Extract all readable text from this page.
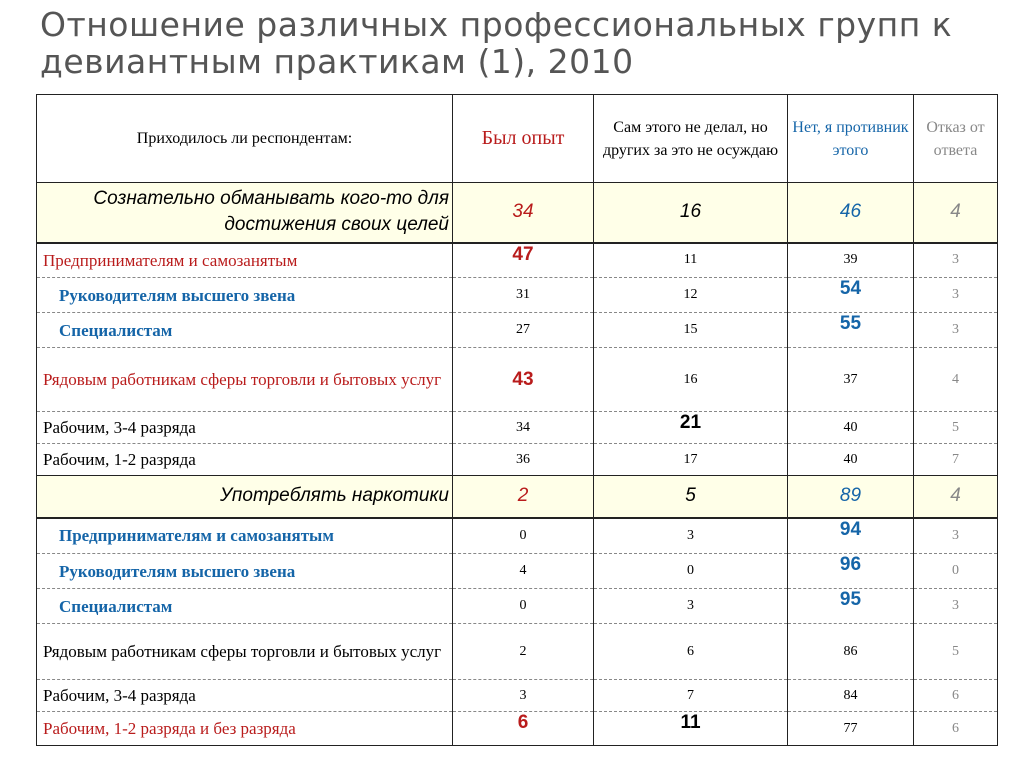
Отношение различных профессиональных групп к девиантным практикам (1), 2010
Приходилось ли респондентам:	Был опыт	Сам этого не делал, но других за это не осуждаю	Нет, я противник этого	Отказ от ответа
Сознательно обманывать кого-то для достижения своих целей	34	16	46	4
Предпринимателям и самозанятым	47	11	39	3
Руководителям высшего звена	31	12	54	3
Специалистам	27	15	55	3
Рядовым работникам сферы торговли и бытовых услуг	43	16	37	4
Рабочим, 3-4 разряда	34	21	40	5
Рабочим, 1-2 разряда	36	17	40	7
Употреблять наркотики	2	5	89	4
Предпринимателям и самозанятым	0	3	94	3
Руководителям высшего звена	4	0	96	0
Специалистам	0	3	95	3
Рядовым работникам сферы торговли и бытовых услуг	2	6	86	5
Рабочим, 3-4 разряда	3	7	84	6
Рабочим, 1-2 разряда и без разряда	6	11	77	6
